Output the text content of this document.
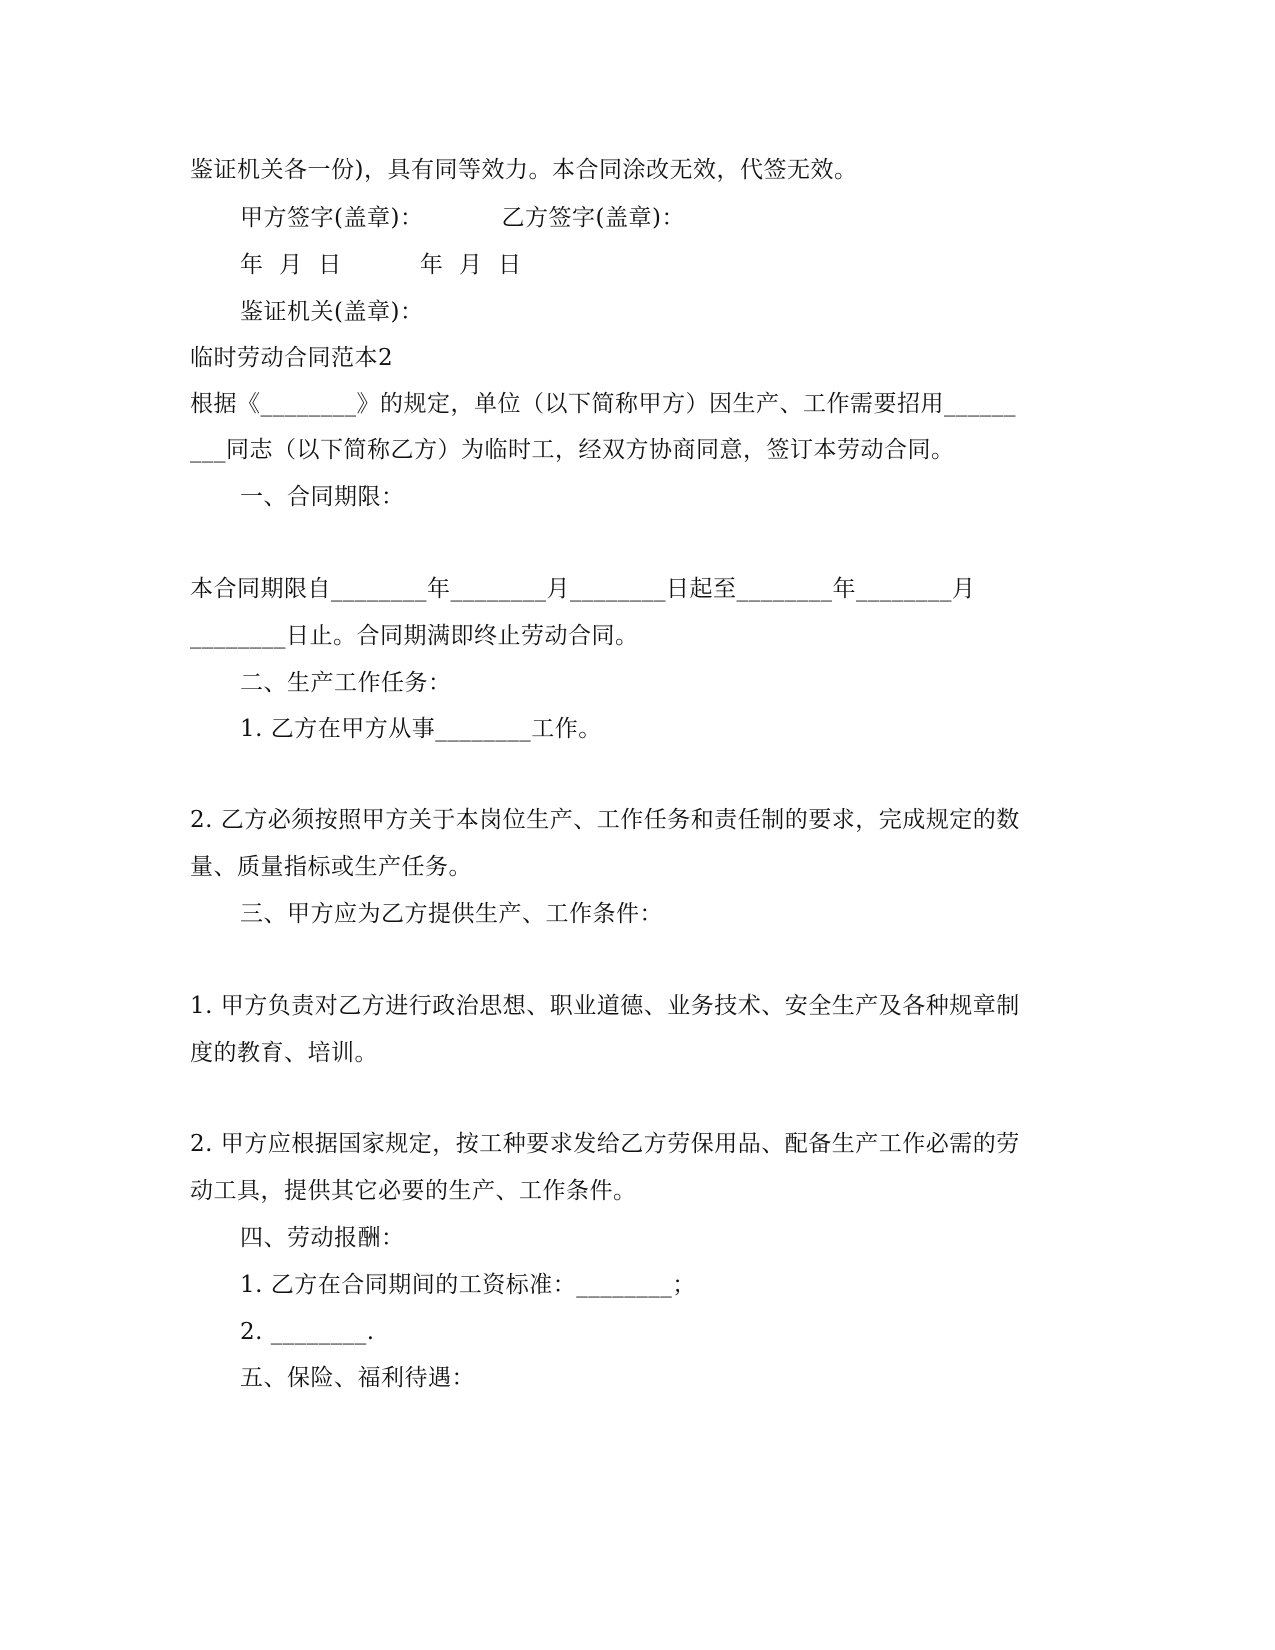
鉴证机关各一份)，具有同等效力。本合同涂改无效，代签无效。
甲方签字(盖章)：          乙方签字(盖章)：
年  月  日          年  月  日
鉴证机关(盖章)：
临时劳动合同范本2
根据《________》的规定，单位（以下简称甲方）因生产、工作需要招用______
___同志（以下简称乙方）为临时工，经双方协商同意，签订本劳动合同。
一、合同期限：
本合同期限自________年________月________日起至________年________月
________日止。合同期满即终止劳动合同。
二、生产工作任务：
1. 乙方在甲方从事________工作。
2. 乙方必须按照甲方关于本岗位生产、工作任务和责任制的要求，完成规定的数
量、质量指标或生产任务。
三、甲方应为乙方提供生产、工作条件：
1. 甲方负责对乙方进行政治思想、职业道德、业务技术、安全生产及各种规章制
度的教育、培训。
2. 甲方应根据国家规定，按工种要求发给乙方劳保用品、配备生产工作必需的劳
动工具，提供其它必要的生产、工作条件。
四、劳动报酬：
1. 乙方在合同期间的工资标准：________；
2. ________.
五、保险、福利待遇：
